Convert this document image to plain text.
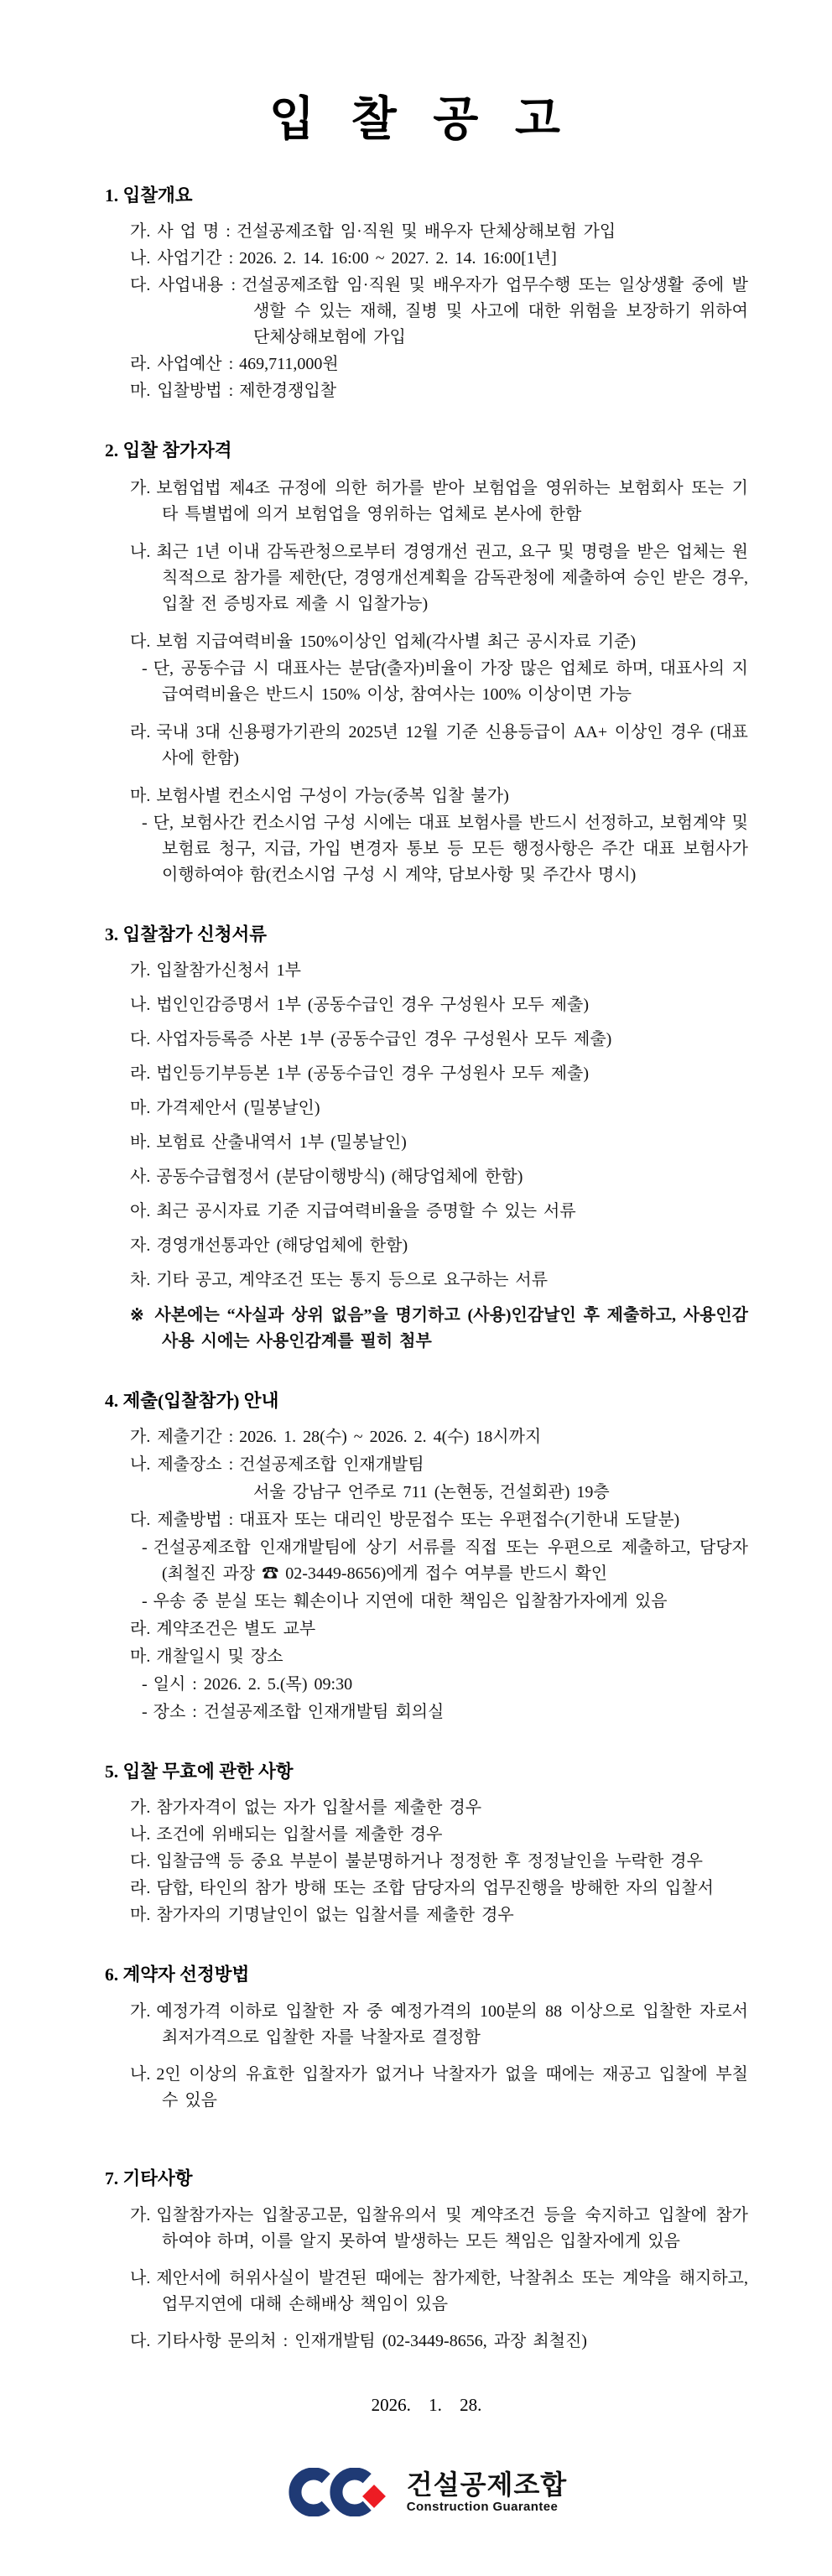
입 찰 공 고
1. 입찰개요
가. 사 업 명 : 건설공제조합 임·직원 및 배우자 단체상해보험 가입
나. 사업기간 : 2026. 2. 14. 16:00 ~ 2027. 2. 14. 16:00[1년]
다. 사업내용 : 건설공제조합 임·직원 및 배우자가 업무수행 또는 일상생활 중에 발생할 수 있는 재해, 질병 및 사고에 대한 위험을 보장하기 위하여 단체상해보험에 가입
라. 사업예산 : 469,711,000원
마. 입찰방법 : 제한경쟁입찰
2. 입찰 참가자격
가. 보험업법 제4조 규정에 의한 허가를 받아 보험업을 영위하는 보험회사 또는 기타 특별법에 의거 보험업을 영위하는 업체로 본사에 한함
나. 최근 1년 이내 감독관청으로부터 경영개선 권고, 요구 및 명령을 받은 업체는 원칙적으로 참가를 제한(단, 경영개선계획을 감독관청에 제출하여 승인 받은 경우, 입찰 전 증빙자료 제출 시 입찰가능)
다. 보험 지급여력비율 150%이상인 업체(각사별 최근 공시자료 기준)
- 단, 공동수급 시 대표사는 분담(출자)비율이 가장 많은 업체로 하며, 대표사의 지급여력비율은 반드시 150% 이상, 참여사는 100% 이상이면 가능
라. 국내 3대 신용평가기관의 2025년 12월 기준 신용등급이 AA+ 이상인 경우 (대표사에 한함)
마. 보험사별 컨소시엄 구성이 가능(중복 입찰 불가)
- 단, 보험사간 컨소시엄 구성 시에는 대표 보험사를 반드시 선정하고, 보험계약 및 보험료 청구, 지급, 가입 변경자 통보 등 모든 행정사항은 주간 대표 보험사가 이행하여야 함(컨소시엄 구성 시 계약, 담보사항 및 주간사 명시)
3. 입찰참가 신청서류
가. 입찰참가신청서 1부
나. 법인인감증명서 1부 (공동수급인 경우 구성원사 모두 제출)
다. 사업자등록증 사본 1부 (공동수급인 경우 구성원사 모두 제출)
라. 법인등기부등본 1부 (공동수급인 경우 구성원사 모두 제출)
마. 가격제안서 (밀봉날인)
바. 보험료 산출내역서 1부 (밀봉날인)
사. 공동수급협정서 (분담이행방식) (해당업체에 한함)
아. 최근 공시자료 기준 지급여력비율을 증명할 수 있는 서류
자. 경영개선통과안 (해당업체에 한함)
차. 기타 공고, 계약조건 또는 통지 등으로 요구하는 서류
※ 사본에는 “사실과 상위 없음”을 명기하고 (사용)인감날인 후 제출하고, 사용인감 사용 시에는 사용인감계를 필히 첨부
4. 제출(입찰참가) 안내
가. 제출기간 : 2026. 1. 28(수) ~ 2026. 2. 4(수) 18시까지
나. 제출장소 : 건설공제조합 인재개발팀
서울 강남구 언주로 711 (논현동, 건설회관) 19층
다. 제출방법 : 대표자 또는 대리인 방문접수 또는 우편접수(기한내 도달분)
- 건설공제조합 인재개발팀에 상기 서류를 직접 또는 우편으로 제출하고, 담당자 (최철진 과장 ☎ 02-3449-8656)에게 접수 여부를 반드시 확인
- 우송 중 분실 또는 훼손이나 지연에 대한 책임은 입찰참가자에게 있음
라. 계약조건은 별도 교부
마. 개찰일시 및 장소
- 일시 : 2026. 2. 5.(목) 09:30
- 장소 : 건설공제조합 인재개발팀 회의실
5. 입찰 무효에 관한 사항
가. 참가자격이 없는 자가 입찰서를 제출한 경우
나. 조건에 위배되는 입찰서를 제출한 경우
다. 입찰금액 등 중요 부분이 불분명하거나 정정한 후 정정날인을 누락한 경우
라. 담합, 타인의 참가 방해 또는 조합 담당자의 업무진행을 방해한 자의 입찰서
마. 참가자의 기명날인이 없는 입찰서를 제출한 경우
6. 계약자 선정방법
가. 예정가격 이하로 입찰한 자 중 예정가격의 100분의 88 이상으로 입찰한 자로서 최저가격으로 입찰한 자를 낙찰자로 결정함
나. 2인 이상의 유효한 입찰자가 없거나 낙찰자가 없을 때에는 재공고 입찰에 부칠 수 있음
7. 기타사항
가. 입찰참가자는 입찰공고문, 입찰유의서 및 계약조건 등을 숙지하고 입찰에 참가하여야 하며, 이를 알지 못하여 발생하는 모든 책임은 입찰자에게 있음
나. 제안서에 허위사실이 발견된 때에는 참가제한, 낙찰취소 또는 계약을 해지하고, 업무지연에 대해 손해배상 책임이 있음
다. 기타사항 문의처 : 인재개발팀 (02-3449-8656, 과장 최철진)
2026. 1. 28.
건설공제조합
Construction Guarantee
